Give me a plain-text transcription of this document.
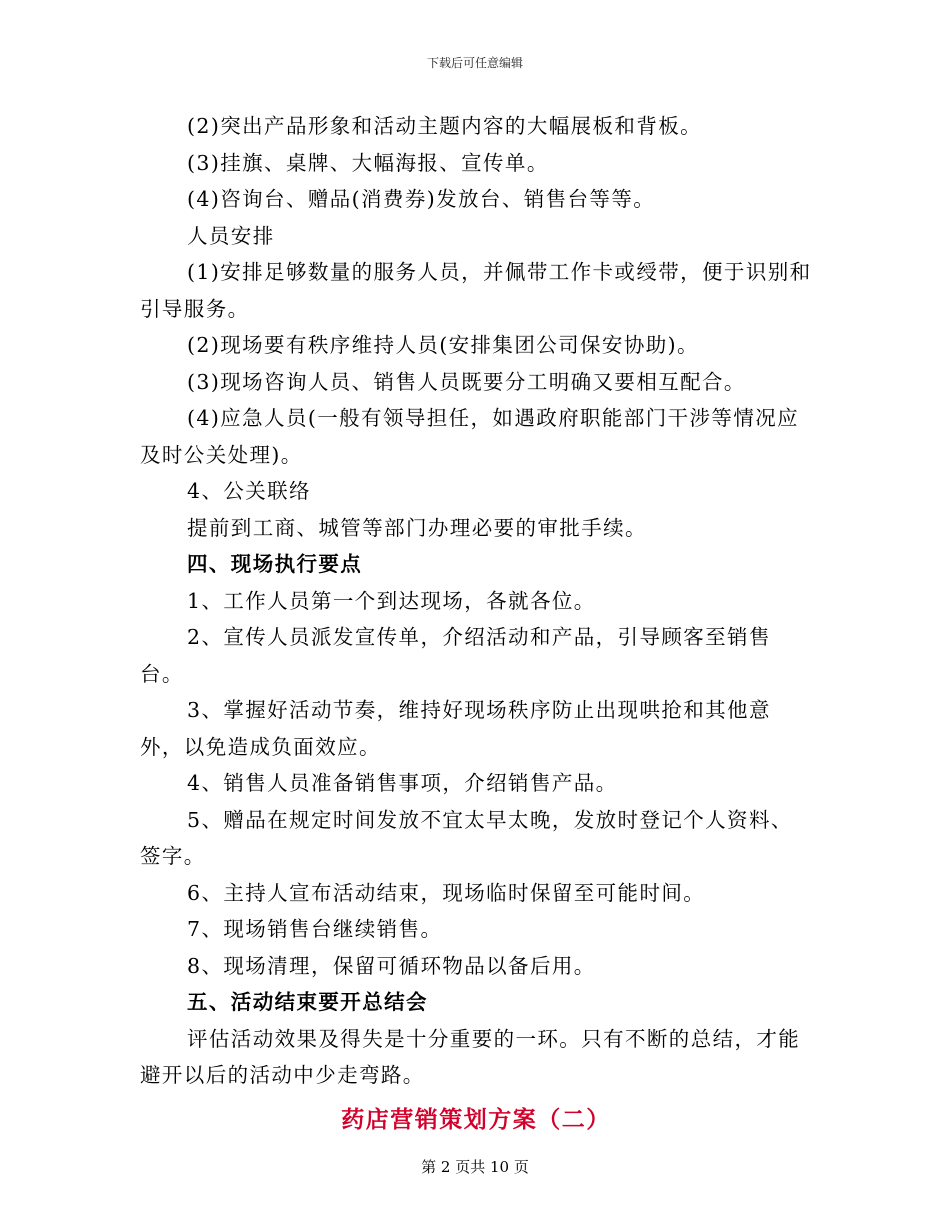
下载后可任意编辑

(2)突出产品形象和活动主题内容的大幅展板和背板。

(3)挂旗、桌牌、大幅海报、宣传单。

(4)咨询台、赠品(消费券)发放台、销售台等等。

人员安排

(1)安排足够数量的服务人员，并佩带工作卡或绶带，便于识别和引导服务。

(2)现场要有秩序维持人员(安排集团公司保安协助)。

(3)现场咨询人员、销售人员既要分工明确又要相互配合。

(4)应急人员(一般有领导担任，如遇政府职能部门干涉等情况应及时公关处理)。

4、公关联络

提前到工商、城管等部门办理必要的审批手续。

四、现场执行要点

1、工作人员第一个到达现场，各就各位。

2、宣传人员派发宣传单，介绍活动和产品，引导顾客至销售台。

3、掌握好活动节奏，维持好现场秩序防止出现哄抢和其他意外，以免造成负面效应。

4、销售人员准备销售事项，介绍销售产品。

5、赠品在规定时间发放不宜太早太晚，发放时登记个人资料、签字。

6、主持人宣布活动结束，现场临时保留至可能时间。

7、现场销售台继续销售。

8、现场清理，保留可循环物品以备后用。

五、活动结束要开总结会

评估活动效果及得失是十分重要的一环。只有不断的总结，才能避开以后的活动中少走弯路。

药店营销策划方案（二）
第 2 页共 10 页
